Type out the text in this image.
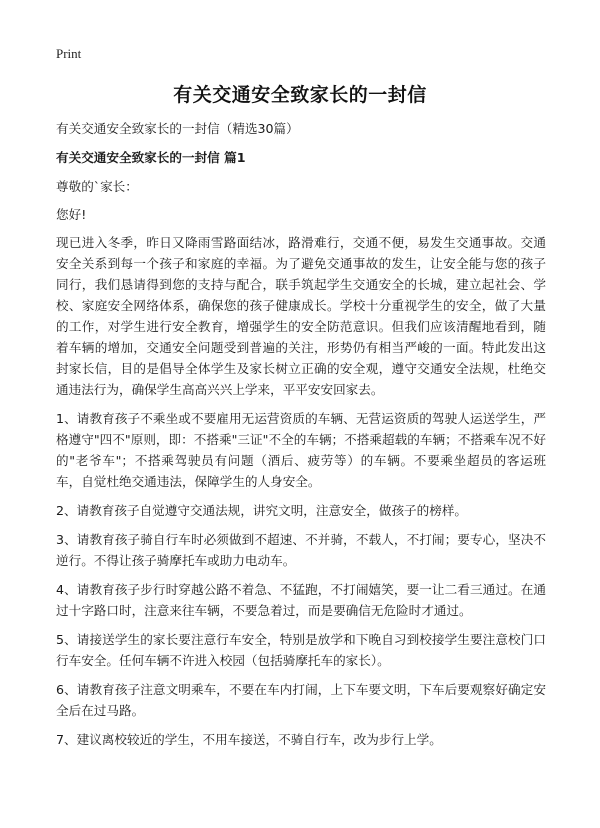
Print
有关交通安全致家长的一封信

有关交通安全致家长的一封信（精选30篇）

有关交通安全致家长的一封信 篇1

尊敬的`家长：

您好!

现已进入冬季，昨日又降雨雪路面结冰，路滑难行，交通不便，易发生交通事故。交通安全关系到每一个孩子和家庭的幸福。为了避免交通事故的发生，让安全能与您的孩子同行，我们恳请得到您的支持与配合，联手筑起学生交通安全的长城，建立起社会、学校、家庭安全网络体系，确保您的孩子健康成长。学校十分重视学生的安全，做了大量的工作，对学生进行安全教育，增强学生的安全防范意识。但我们应该清醒地看到，随着车辆的增加，交通安全问题受到普遍的关注，形势仍有相当严峻的一面。特此发出这封家长信，目的是倡导全体学生及家长树立正确的安全观，遵守交通安全法规，杜绝交通违法行为，确保学生高高兴兴上学来，平平安安回家去。

1、请教育孩子不乘坐或不要雇用无运营资质的车辆、无营运资质的驾驶人运送学生，严格遵守"四不"原则，即：不搭乘"三证"不全的车辆；不搭乘超载的车辆；不搭乘车况不好的"老爷车"；不搭乘驾驶员有问题（酒后、疲劳等）的车辆。不要乘坐超员的客运班车，自觉杜绝交通违法，保障学生的人身安全。

2、请教育孩子自觉遵守交通法规，讲究文明，注意安全，做孩子的榜样。

3、请教育孩子骑自行车时必须做到不超速、不并骑，不载人，不打闹；要专心，坚决不逆行。不得让孩子骑摩托车或助力电动车。

4、请教育孩子步行时穿越公路不着急、不猛跑，不打闹嬉笑，要一让二看三通过。在通过十字路口时，注意来往车辆，不要急着过，而是要确信无危险时才通过。

5、请接送学生的家长要注意行车安全，特别是放学和下晚自习到校接学生要注意校门口行车安全。任何车辆不许进入校园（包括骑摩托车的家长）。

6、请教育孩子注意文明乘车，不要在车内打闹，上下车要文明，下车后要观察好确定安全后在过马路。

7、建议离校较近的学生，不用车接送，不骑自行车，改为步行上学。
